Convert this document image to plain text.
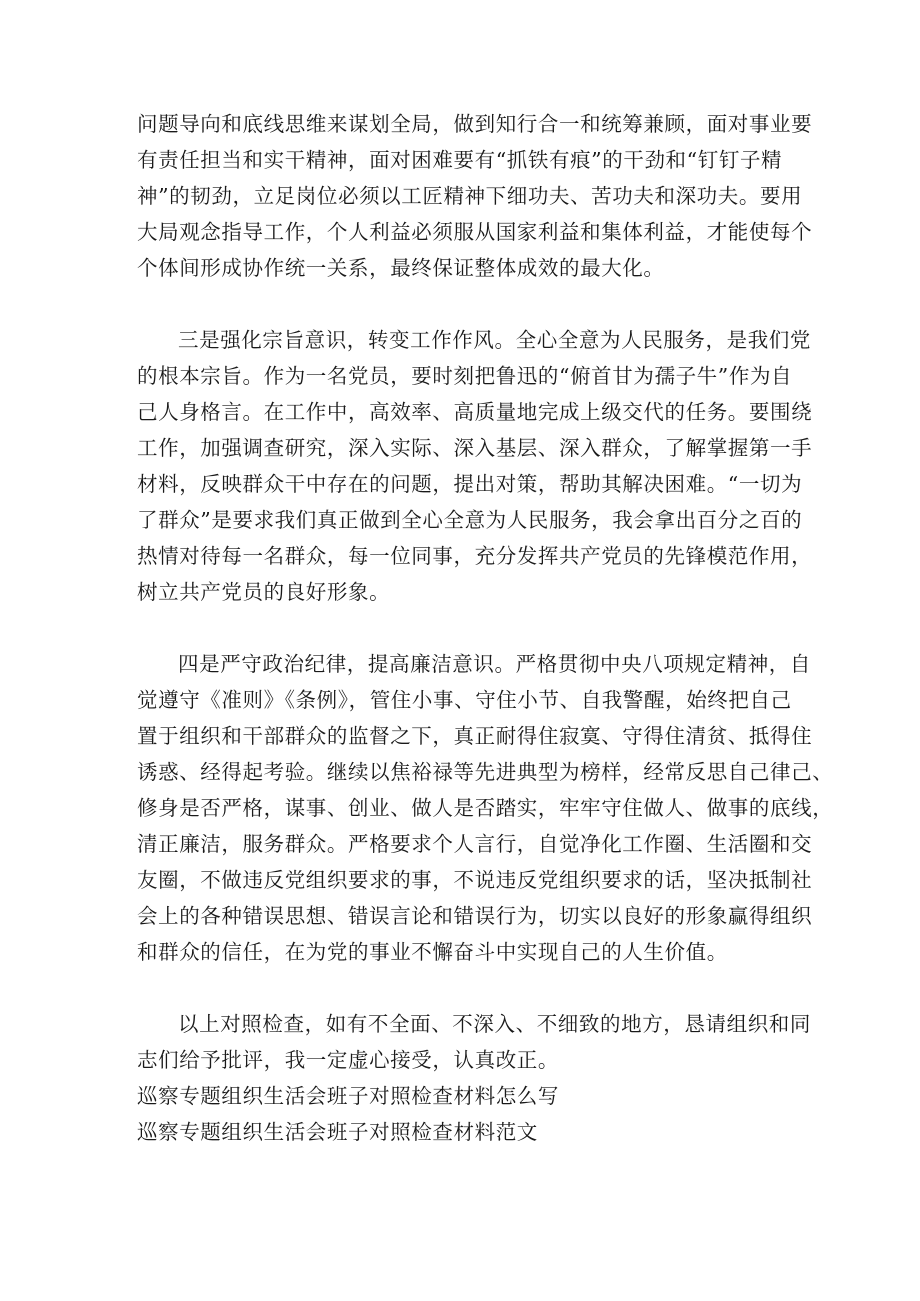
问题导向和底线思维来谋划全局，做到知行合一和统筹兼顾，面对事业要
有责任担当和实干精神，面对困难要有“抓铁有痕”的干劲和“钉钉子精
神”的韧劲，立足岗位必须以工匠精神下细功夫、苦功夫和深功夫。要用
大局观念指导工作，个人利益必须服从国家利益和集体利益，才能使每个
个体间形成协作统一关系，最终保证整体成效的最大化。

三是强化宗旨意识，转变工作作风。全心全意为人民服务，是我们党
的根本宗旨。作为一名党员，要时刻把鲁迅的“俯首甘为孺子牛”作为自
己人身格言。在工作中，高效率、高质量地完成上级交代的任务。要围绕
工作，加强调查研究，深入实际、深入基层、深入群众，了解掌握第一手
材料，反映群众干中存在的问题，提出对策，帮助其解决困难。“一切为
了群众”是要求我们真正做到全心全意为人民服务，我会拿出百分之百的
热情对待每一名群众，每一位同事，充分发挥共产党员的先锋模范作用，
树立共产党员的良好形象。

四是严守政治纪律，提高廉洁意识。严格贯彻中央八项规定精神，自
觉遵守《准则》《条例》，管住小事、守住小节、自我警醒，始终把自己
置于组织和干部群众的监督之下，真正耐得住寂寞、守得住清贫、抵得住
诱惑、经得起考验。继续以焦裕禄等先进典型为榜样，经常反思自己律己、
修身是否严格，谋事、创业、做人是否踏实，牢牢守住做人、做事的底线，
清正廉洁，服务群众。严格要求个人言行，自觉净化工作圈、生活圈和交
友圈，不做违反党组织要求的事，不说违反党组织要求的话，坚决抵制社
会上的各种错误思想、错误言论和错误行为，切实以良好的形象赢得组织
和群众的信任，在为党的事业不懈奋斗中实现自己的人生价值。

以上对照检查，如有不全面、不深入、不细致的地方，恳请组织和同
志们给予批评，我一定虚心接受，认真改正。

巡察专题组织生活会班子对照检查材料怎么写
巡察专题组织生活会班子对照检查材料范文
